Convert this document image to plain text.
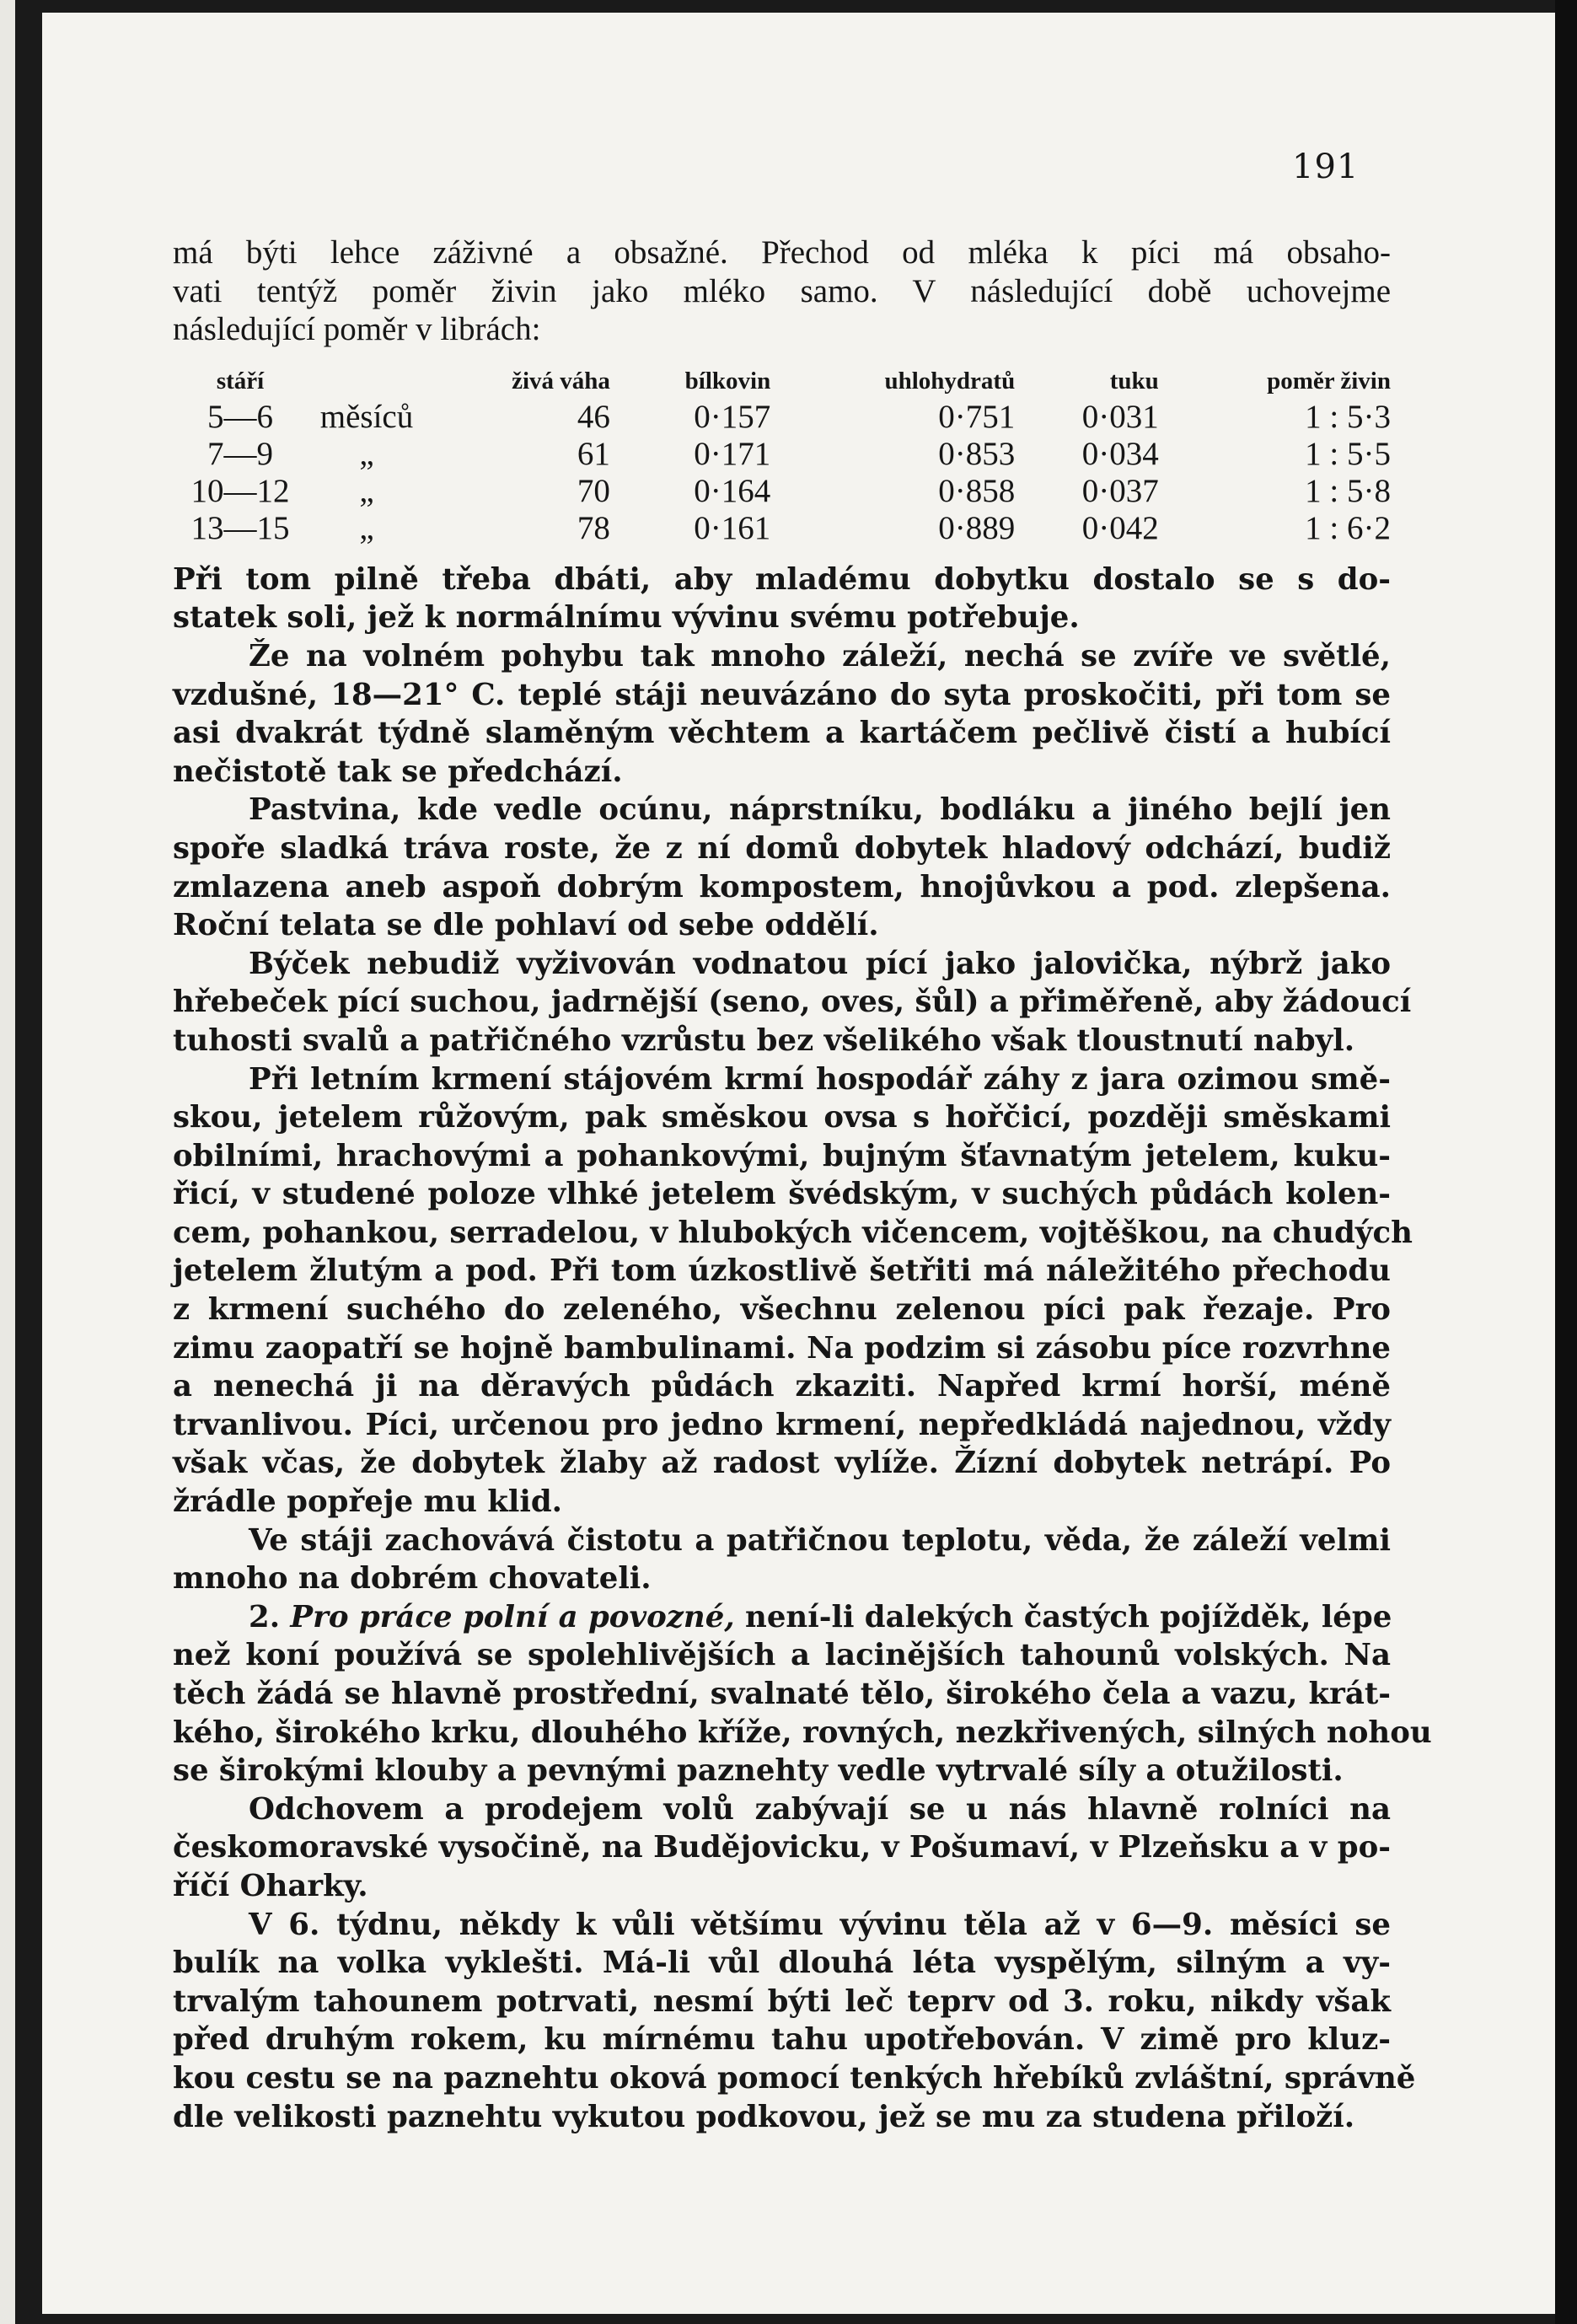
191

má býti lehce záživné a obsažné. Přechod od mléka k píci má obsaho-

vati tentýž poměr živin jako mléko samo. V následující době uchovejme

následující poměr v librách:

stáří		živá váha	bílkovin	uhlohydratů	tuku	poměr živin
5—6	měsíců	46	0·157	0·751	0·031	1 : 5·3
7—9	„	61	0·171	0·853	0·034	1 : 5·5
10—12	„	70	0·164	0·858	0·037	1 : 5·8
13—15	„	78	0·161	0·889	0·042	1 : 6·2

Při tom pilně třeba dbáti, aby mladému dobytku dostalo se s do-

statek soli, jež k normálnímu vývinu svému potřebuje.

Že na volném pohybu tak mnoho záleží, nechá se zvíře ve světlé,

vzdušné, 18—21° C. teplé stáji neuvázáno do syta proskočiti, při tom se

asi dvakrát týdně slaměným věchtem a kartáčem pečlivě čistí a hubící

nečistotě tak se předchází.

Pastvina, kde vedle ocúnu, náprstníku, bodláku a jiného bejlí jen

spoře sladká tráva roste, že z ní domů dobytek hladový odchází, budiž

zmlazena aneb aspoň dobrým kompostem, hnojůvkou a pod. zlepšena.

Roční telata se dle pohlaví od sebe oddělí.

Býček nebudiž vyživován vodnatou pící jako jalovička, nýbrž jako

hřebeček pící suchou, jadrnější (seno, oves, šůl) a přiměřeně, aby žádoucí

tuhosti svalů a patřičného vzrůstu bez všelikého však tloustnutí nabyl.

Při letním krmení stájovém krmí hospodář záhy z jara ozimou smě-

skou, jetelem růžovým, pak směskou ovsa s hořčicí, později směskami

obilními, hrachovými a pohankovými, bujným šťavnatým jetelem, kuku-

řicí, v studené poloze vlhké jetelem švédským, v suchých půdách kolen-

cem, pohankou, serradelou, v hlubokých vičencem, vojtěškou, na chudých

jetelem žlutým a pod. Při tom úzkostlivě šetřiti má náležitého přechodu

z krmení suchého do zeleného, všechnu zelenou píci pak řezaje. Pro

zimu zaopatří se hojně bambulinami. Na podzim si zásobu píce rozvrhne

a nenechá ji na děravých půdách zkaziti. Napřed krmí horší, méně

trvanlivou. Píci, určenou pro jedno krmení, nepředkládá najednou, vždy

však včas, že dobytek žlaby až radost vylíže. Žízní dobytek netrápí. Po

žrádle popřeje mu klid.

Ve stáji zachovává čistotu a patřičnou teplotu, věda, že záleží velmi

mnoho na dobrém chovateli.

2. Pro práce polní a povozné, není-li dalekých častých pojížděk, lépe

než koní používá se spolehlivějších a lacinějších tahounů volských. Na

těch žádá se hlavně prostřední, svalnaté tělo, širokého čela a vazu, krát-

kého, širokého krku, dlouhého kříže, rovných, nezkřivených, silných nohou

se širokými klouby a pevnými paznehty vedle vytrvalé síly a otužilosti.

Odchovem a prodejem volů zabývají se u nás hlavně rolníci na

českomoravské vysočině, na Budějovicku, v Pošumaví, v Plzeňsku a v po-

říčí Oharky.

V 6. týdnu, někdy k vůli většímu vývinu těla až v 6—9. měsíci se

bulík na volka vyklešti. Má-li vůl dlouhá léta vyspělým, silným a vy-

trvalým tahounem potrvati, nesmí býti leč teprv od 3. roku, nikdy však

před druhým rokem, ku mírnému tahu upotřebován. V zimě pro kluz-

kou cestu se na paznehtu oková pomocí tenkých hřebíků zvláštní, správně

dle velikosti paznehtu vykutou podkovou, jež se mu za studena přiloží.
